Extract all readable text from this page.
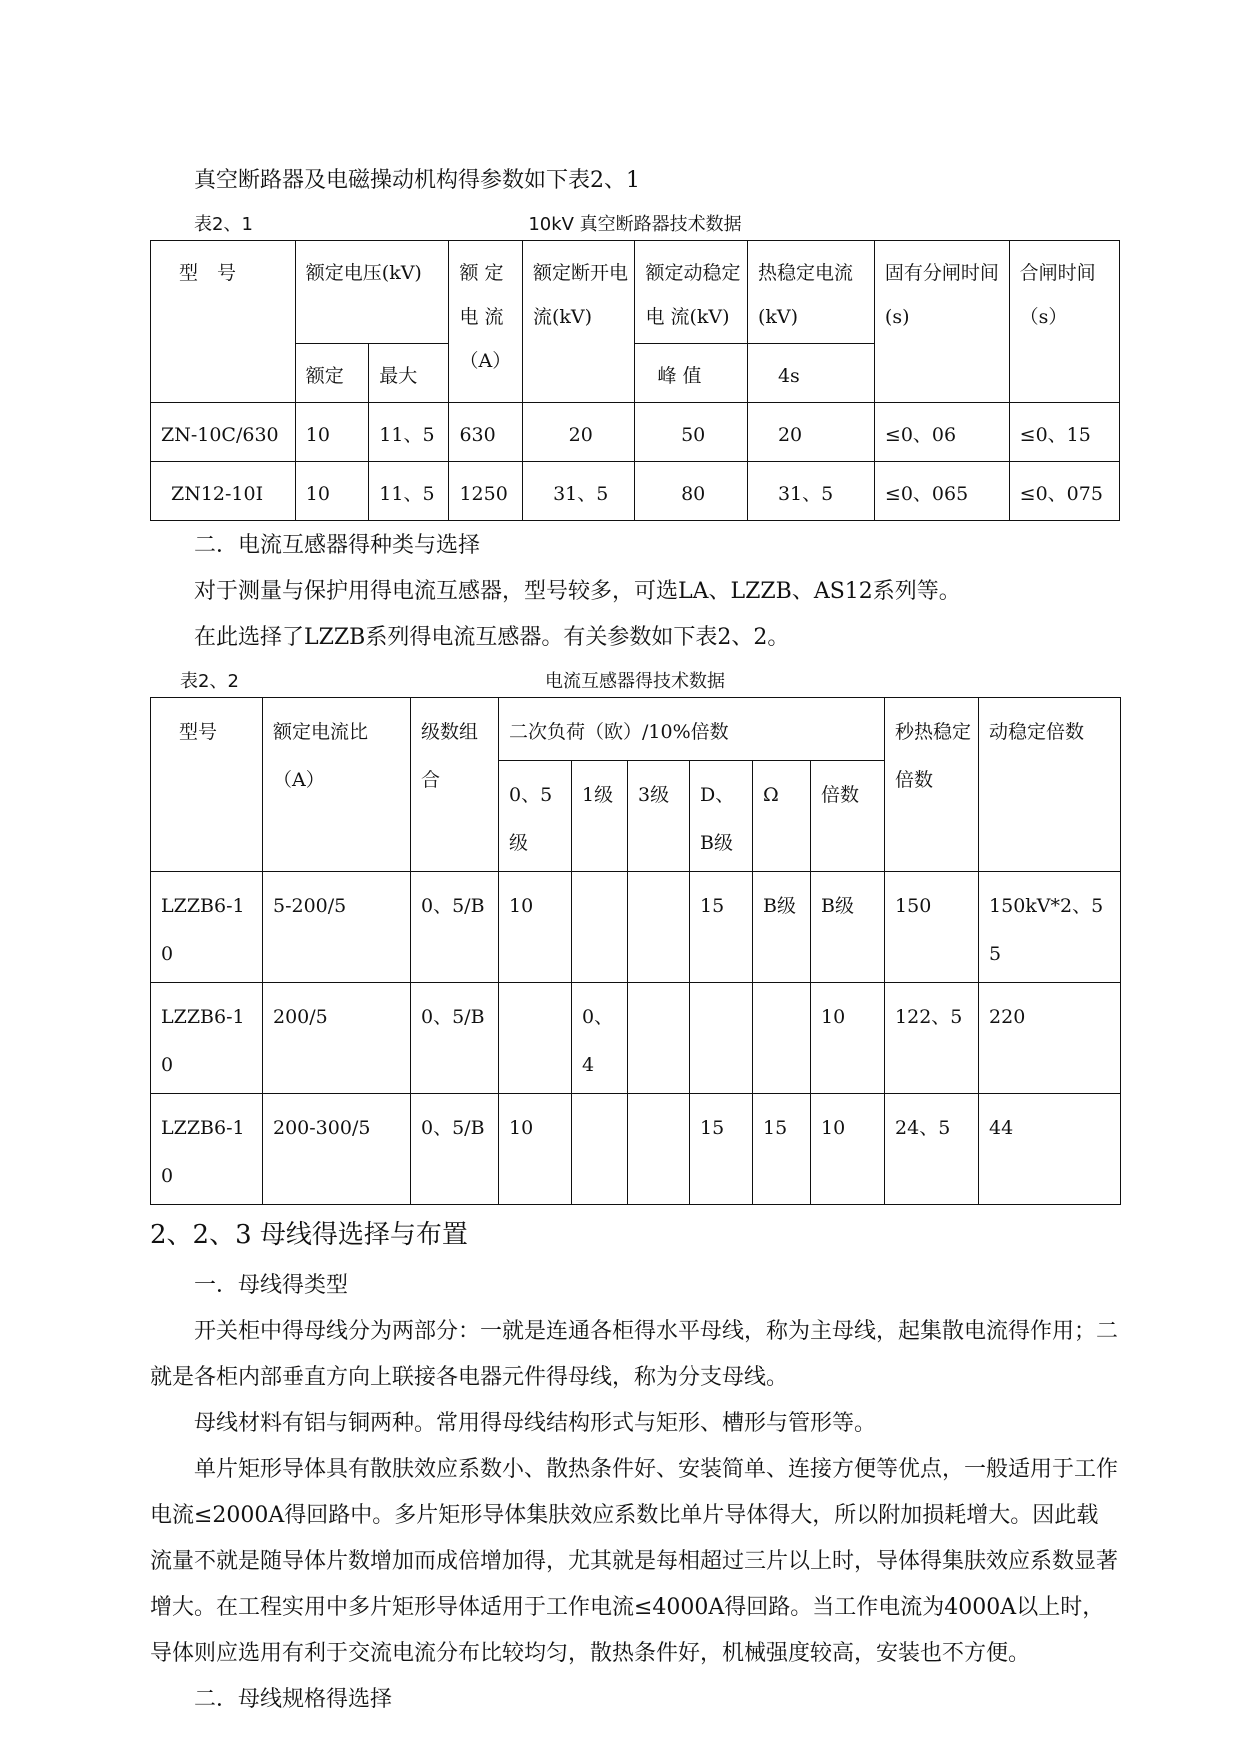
真空断路器及电磁操动机构得参数如下表2、1

表2、1	10kV 真空断路器技术数据
型　号	额定电压(kV)		额 定 电 流（A）	额定断开电流(kV)	额定动稳定 电 流(kV)	热稳定电流(kV)	固有分闸时间(s)	合闸时间（s）
	额定	最大			峰 值	4s		
ZN-10C/630	10	11、5	630	20	50	20	≤0、06	≤0、15
ZN12-10I	10	11、5	1250	31、5	80	31、5	≤0、065	≤0、075

二．电流互感器得种类与选择

对于测量与保护用得电流互感器，型号较多，可选LA、LZZB、AS12系列等。

在此选择了LZZB系列得电流互感器。有关参数如下表2、2。

表2、2	电流互感器得技术数据
型号	额定电流比（A）	级数组合	二次负荷（欧）/10%倍数						秒热稳定倍数	动稳定倍数
			0、5级	1级	3级	D、B级	Ω	倍数		
LZZB6-10	5-200/5	0、5/B	10			15	B级	B级	150	150kV*2、55
LZZB6-10	200/5	0、5/B		0、4				10	122、5	220
LZZB6-10	200-300/5	0、5/B	10			15	15	10	24、5	44
2、2、3 母线得选择与布置

一．母线得类型

开关柜中得母线分为两部分：一就是连通各柜得水平母线，称为主母线，起集散电流得作用；二就是各柜内部垂直方向上联接各电器元件得母线，称为分支母线。

母线材料有铝与铜两种。常用得母线结构形式与矩形、槽形与管形等。

单片矩形导体具有散肤效应系数小、散热条件好、安装简单、连接方便等优点，一般适用于工作电流≤2000A得回路中。多片矩形导体集肤效应系数比单片导体得大，所以附加损耗增大。因此载流量不就是随导体片数增加而成倍增加得，尤其就是每相超过三片以上时，导体得集肤效应系数显著增大。在工程实用中多片矩形导体适用于工作电流≤4000A得回路。当工作电流为4000A以上时，导体则应选用有利于交流电流分布比较均匀，散热条件好，机械强度较高，安装也不方便。

二．母线规格得选择
